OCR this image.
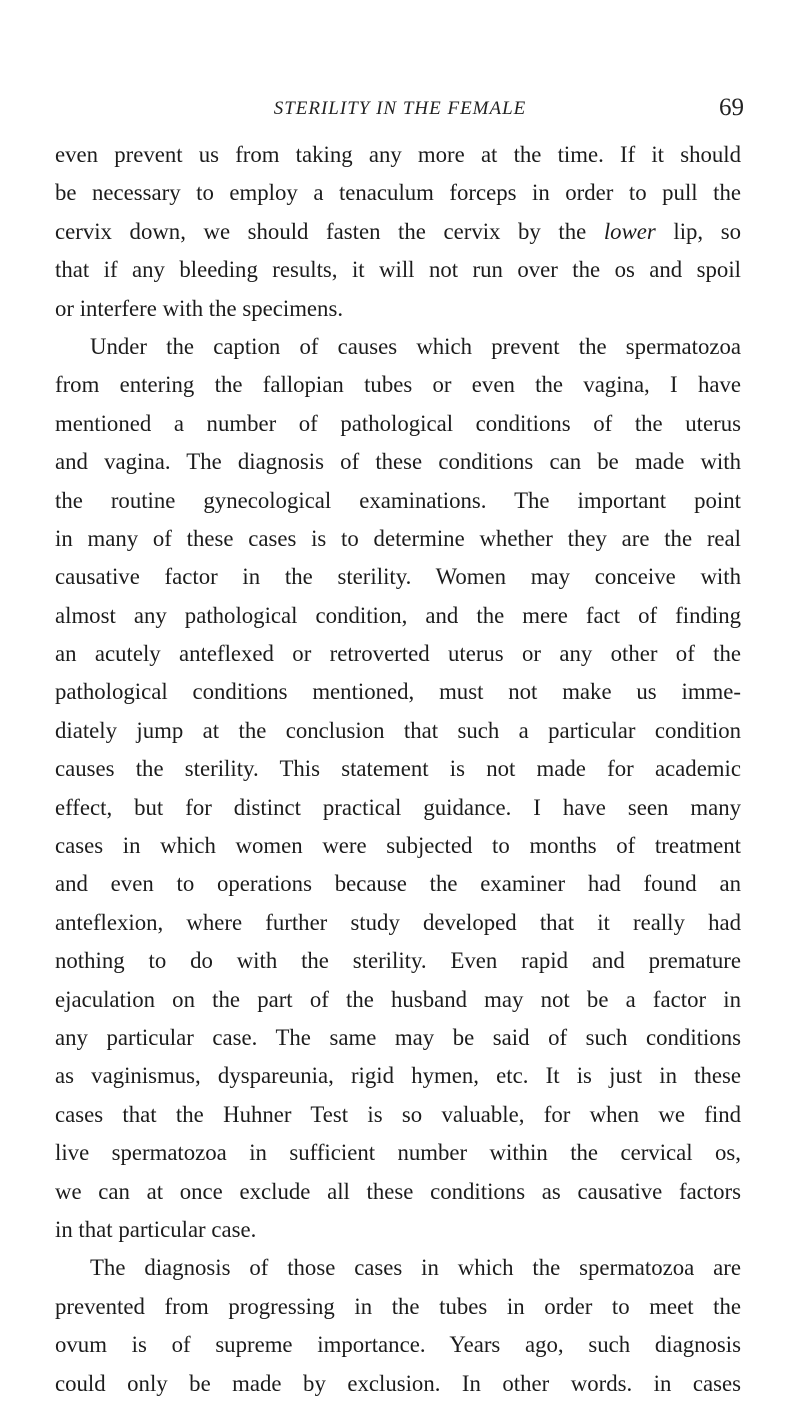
STERILITY IN THE FEMALE	69
even prevent us from taking any more at the time. If it should
be necessary to employ a tenaculum forceps in order to pull the
cervix down, we should fasten the cervix by the lower lip, so
that if any bleeding results, it will not run over the os and spoil
or interfere with the specimens.
Under the caption of causes which prevent the spermatozoa
from entering the fallopian tubes or even the vagina, I have
mentioned a number of pathological conditions of the uterus
and vagina. The diagnosis of these conditions can be made with
the routine gynecological examinations. The important point
in many of these cases is to determine whether they are the real
causative factor in the sterility. Women may conceive with
almost any pathological condition, and the mere fact of finding
an acutely anteflexed or retroverted uterus or any other of the
pathological conditions mentioned, must not make us imme-
diately jump at the conclusion that such a particular condition
causes the sterility. This statement is not made for academic
effect, but for distinct practical guidance. I have seen many
cases in which women were subjected to months of treatment
and even to operations because the examiner had found an
anteflexion, where further study developed that it really had
nothing to do with the sterility. Even rapid and premature
ejaculation on the part of the husband may not be a factor in
any particular case. The same may be said of such conditions
as vaginismus, dyspareunia, rigid hymen, etc. It is just in these
cases that the Huhner Test is so valuable, for when we find
live spermatozoa in sufficient number within the cervical os,
we can at once exclude all these conditions as causative factors
in that particular case.
The diagnosis of those cases in which the spermatozoa are
prevented from progressing in the tubes in order to meet the
ovum is of supreme importance. Years ago, such diagnosis
could only be made by exclusion. In other words. in cases
